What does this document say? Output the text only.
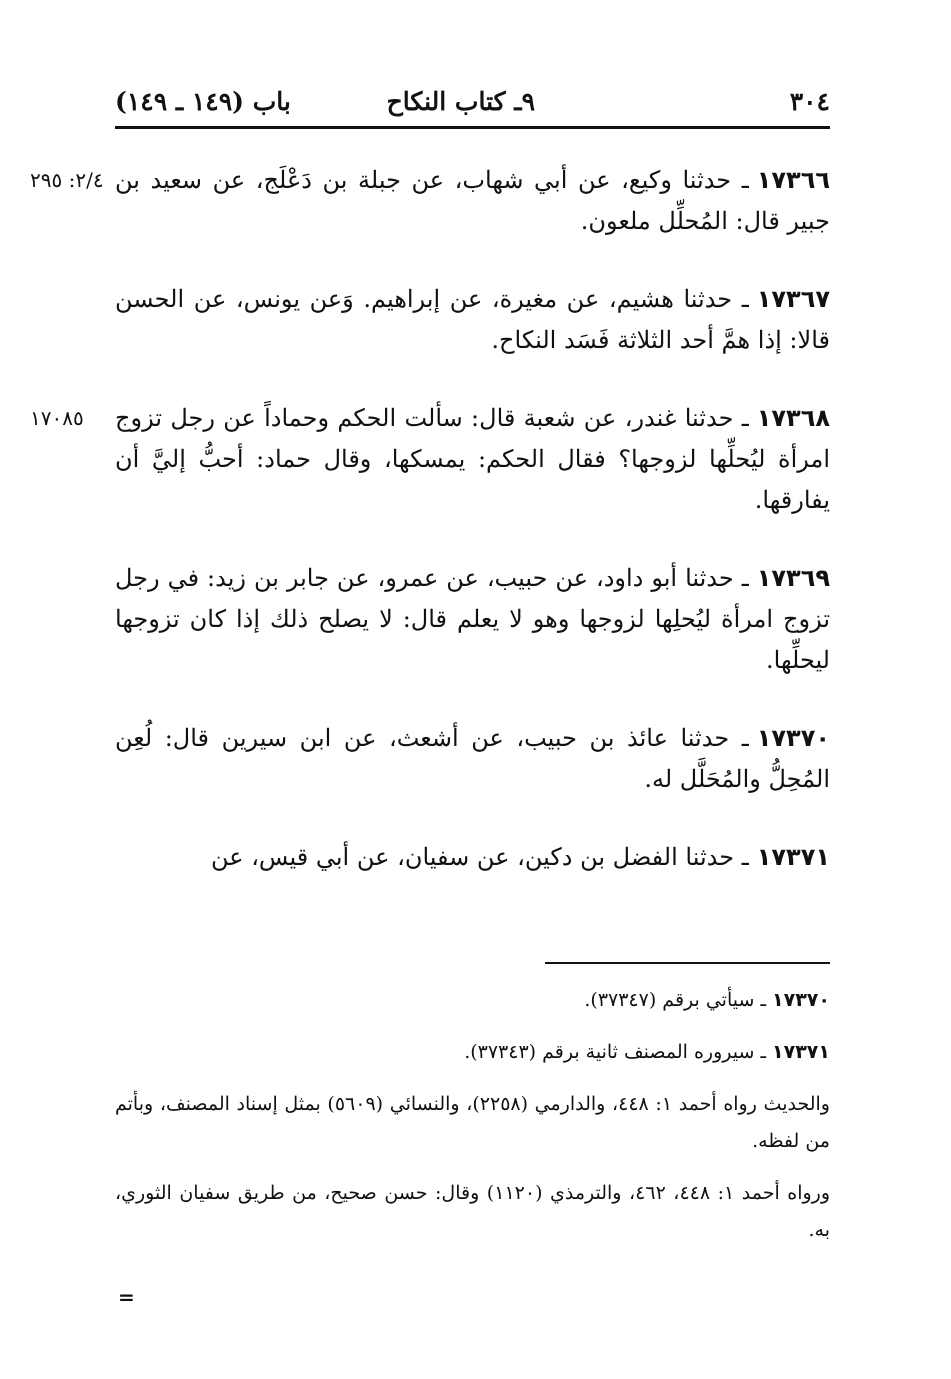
٣٠٤
٩ـ كتاب النكاح
باب (١٤٩ ـ ١٤٩)
٢/٤: ٢٩٥	١٧٣٦٦ـ حدثنا وكيع، عن أبي شهاب، عن جبلة بن دَعْلَج، عن سعيد بن جبير قال: المُحلِّل ملعون.
١٧٣٦٧ـ حدثنا هشيم، عن مغيرة، عن إبراهيم. وَعن يونس، عن الحسن قالا: إذا همَّ أحد الثلاثة فَسَد النكاح.
١٧٠٨٥	١٧٣٦٨ـ حدثنا غندر، عن شعبة قال: سألت الحكم وحماداً عن رجل تزوج امرأة ليُحلِّها لزوجها؟ فقال الحكم: يمسكها، وقال حماد: أحبُّ إليَّ أن يفارقها.
١٧٣٦٩ـ حدثنا أبو داود، عن حبيب، عن عمرو، عن جابر بن زيد: في رجل تزوج امرأة ليُحلِها لزوجها وهو لا يعلم قال: لا يصلح ذلك إذا كان تزوجها ليحلِّها.
١٧٣٧٠ـ حدثنا عائذ بن حبيب، عن أشعث، عن ابن سيرين قال: لُعِن المُحِلُّ والمُحَلَّل له.
١٧٣٧١ـ حدثنا الفضل بن دكين، عن سفيان، عن أبي قيس، عن
١٧٣٧٠ـ سيأتي برقم (٣٧٣٤٧).
١٧٣٧١ـ سيروره المصنف ثانية برقم (٣٧٣٤٣).
والحديث رواه أحمد ١: ٤٤٨، والدارمي (٢٢٥٨)، والنسائي (٥٦٠٩) بمثل إسناد المصنف، وبأتم من لفظه.
ورواه أحمد ١: ٤٤٨، ٤٦٢، والترمذي (١١٢٠) وقال: حسن صحيح، من طريق سفيان الثوري، به.
=
